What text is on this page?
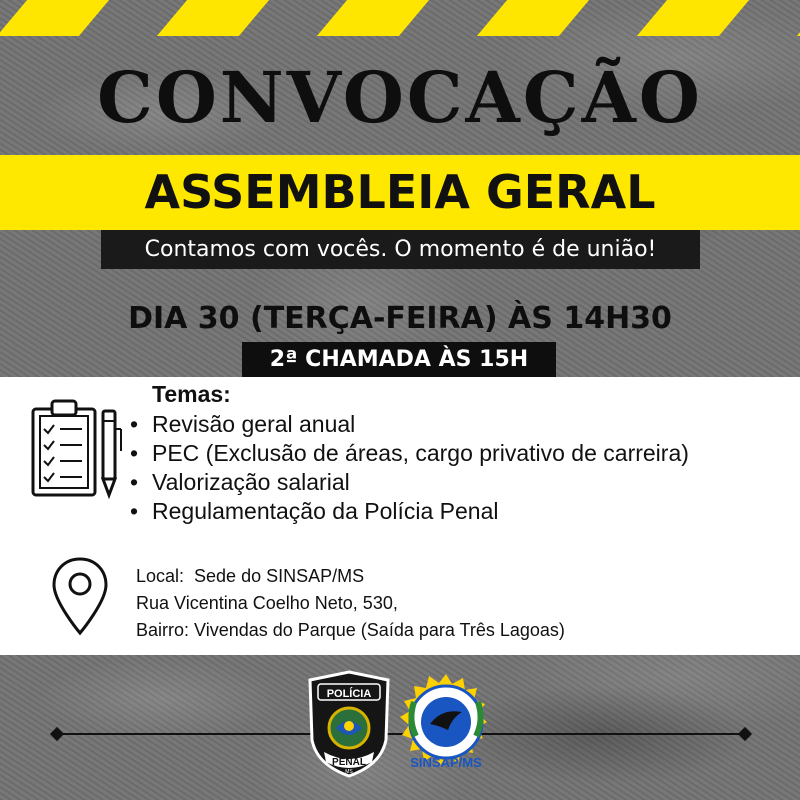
CONVOCAÇÃO
ASSEMBLEIA GERAL
Contamos com vocês. O momento é de união!
DIA 30 (TERÇA-FEIRA) ÀS 14H30
2ª CHAMADA ÀS 15H
Temas:
• Revisão geral anual
• PEC (Exclusão de áreas, cargo privativo de carreira)
• Valorização salarial
• Regulamentação da Polícia Penal
Local:  Sede do SINSAP/MS
Rua Vicentina Coelho Neto, 530,
Bairro: Vivendas do Parque (Saída para Três Lagoas)
POLÍCIA
PENAL
MS
SINSAP/MS
